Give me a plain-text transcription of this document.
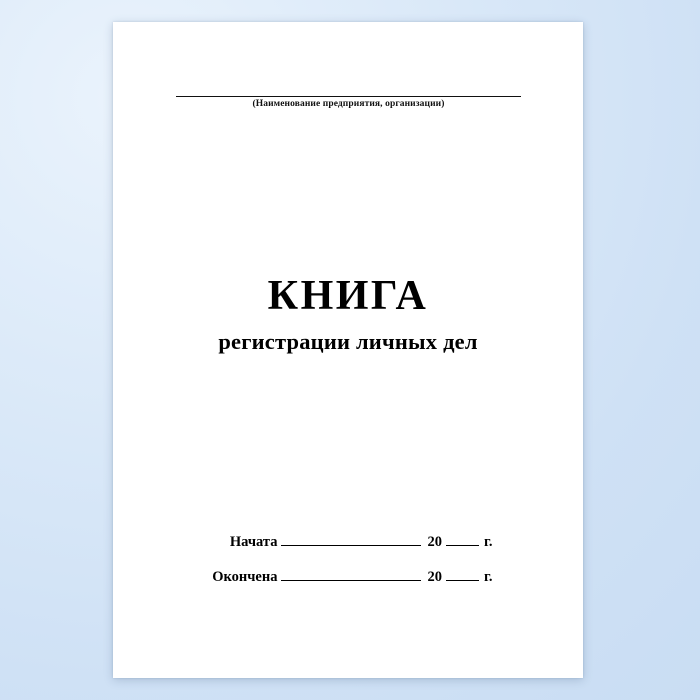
(Наименование предприятия, организации)
КНИГА
регистрации личных дел
Начата	20	г.
Окончена	20	г.
